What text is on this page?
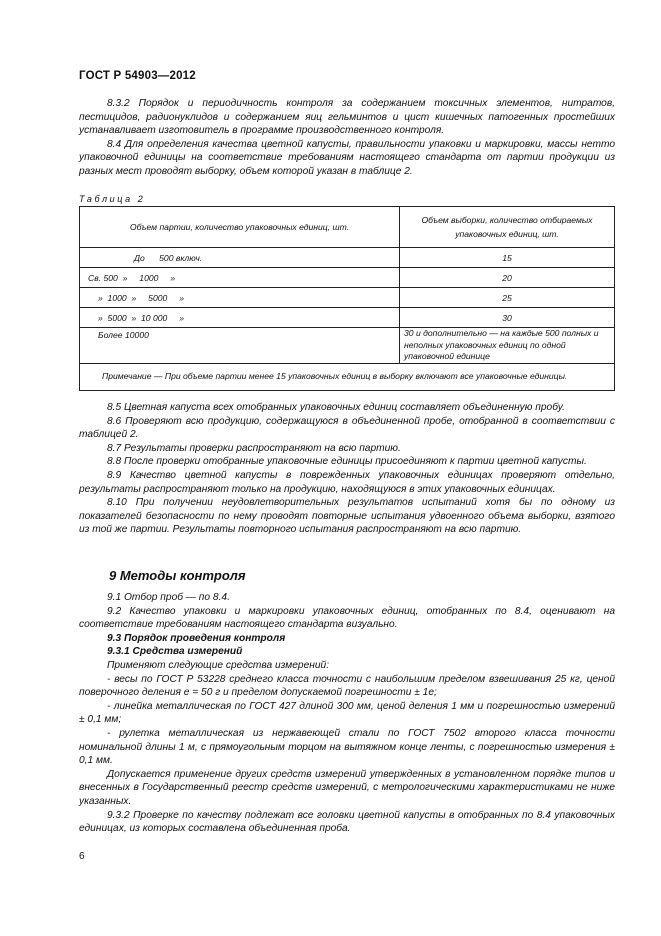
ГОСТ Р 54903—2012

8.3.2 Порядок и периодичность контроля за содержанием токсичных элементов, нитратов, пестицидов, радионуклидов и содержанием яиц гельминтов и цист кишечных патогенных простейших устанавливает изготовитель в программе производственного контроля.

8.4 Для определения качества цветной капусты, правильности упаковки и маркировки, массы нетто упаковочной единицы на соответствие требованиям настоящего стандарта от партии продукции из разных мест проводят выборку, объем которой указан в таблице 2.

Таблица 2
Объем партии, количество упаковочных единиц, шт.	Объем выборки, количество отбираемых упаковочных единиц, шт.
До      500 включ.	15
Св. 500  »     1000     »	20
»  1000  »     5000     »	25
»  5000  »  10 000     »	30
Более 10000	30 и дополнительно — на каждые 500 полных и неполных упаковочных единиц по одной упаковочной единице
Примечание — При объеме партии менее 15 упаковочных единиц в выборку включают все упаковочные единицы.	

8.5 Цветная капуста всех отобранных упаковочных единиц составляет объединенную пробу.

8.6 Проверяют всю продукцию, содержащуюся в объединенной пробе, отобранной в соответствии с таблицей 2.

8.7 Результаты проверки распространяют на всю партию.

8.8 После проверки отобранные упаковочные единицы присоединяют к партии цветной капусты.

8.9 Качество цветной капусты в поврежденных упаковочных единицах проверяют отдельно, результаты распространяют только на продукцию, находящуюся в этих упаковочных единицах.

8.10 При получении неудовлетворительных результатов испытаний хотя бы по одному из показателей безопасности по нему проводят повторные испытания удвоенного объема выборки, взятого из той же партии. Результаты повторного испытания распространяют на всю партию.

9 Методы контроля

9.1 Отбор проб — по 8.4.

9.2 Качество упаковки и маркировки упаковочных единиц, отобранных по 8.4, оценивают на соответствие требованиям настоящего стандарта визуально.

9.3 Порядок проведения контроля

9.3.1 Средства измерений

Применяют следующие средства измерений:

- весы по ГОСТ Р 53228 среднего класса точности с наибольшим пределом взвешивания 25 кг, ценой поверочного деления e = 50 г и пределом допускаемой погрешности ± 1e;

- линейка металлическая по ГОСТ 427 длиной 300 мм, ценой деления 1 мм и погрешностью измерений ± 0,1 мм;

- рулетка металлическая из нержавеющей стали по ГОСТ 7502 второго класса точности номинальной длины 1 м, с прямоугольным торцом на вытяжном конце ленты, с погрешностью измерения ± 0,1 мм.

Допускается применение других средств измерений утвержденных в установленном порядке типов и внесенных в Государственный реестр средств измерений, с метрологическими характеристиками не ниже указанных.

9.3.2 Проверке по качеству подлежат все головки цветной капусты в отобранных по 8.4 упаковочных единицах, из которых составлена объединенная проба.

6
